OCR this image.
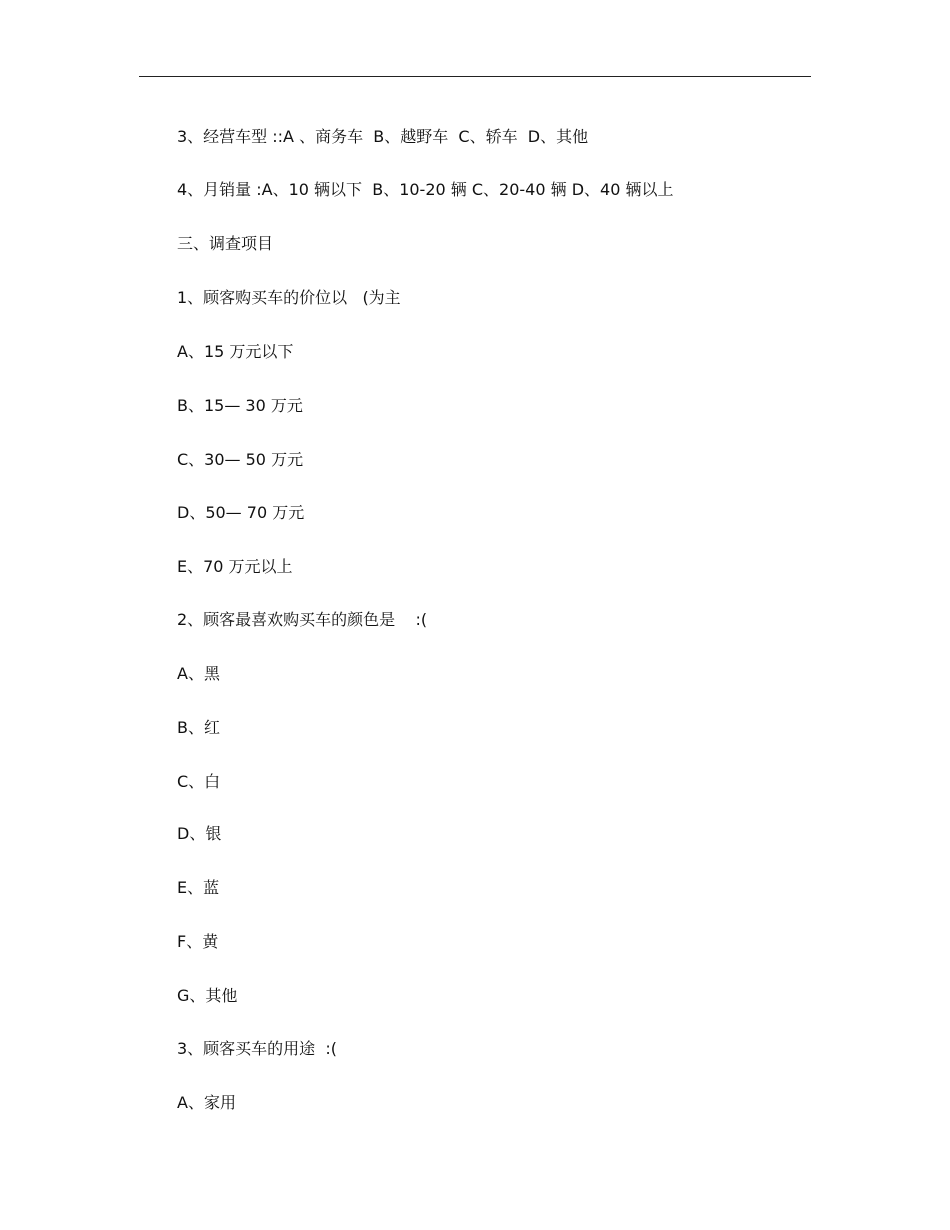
3、经营车型 ::A 、商务车  B、越野车  C、轿车  D、其他
4、月销量 :A、10 辆以下  B、10-20 辆 C、20-40 辆 D、40 辆以上
三、调查项目
1、顾客购买车的价位以   (为主
A、15 万元以下
B、15— 30 万元
C、30— 50 万元
D、50— 70 万元
E、70 万元以上
2、顾客最喜欢购买车的颜色是    :(
A、黑
B、红
C、白
D、银
E、蓝
F、黄
G、其他
3、顾客买车的用途  :(
A、家用
